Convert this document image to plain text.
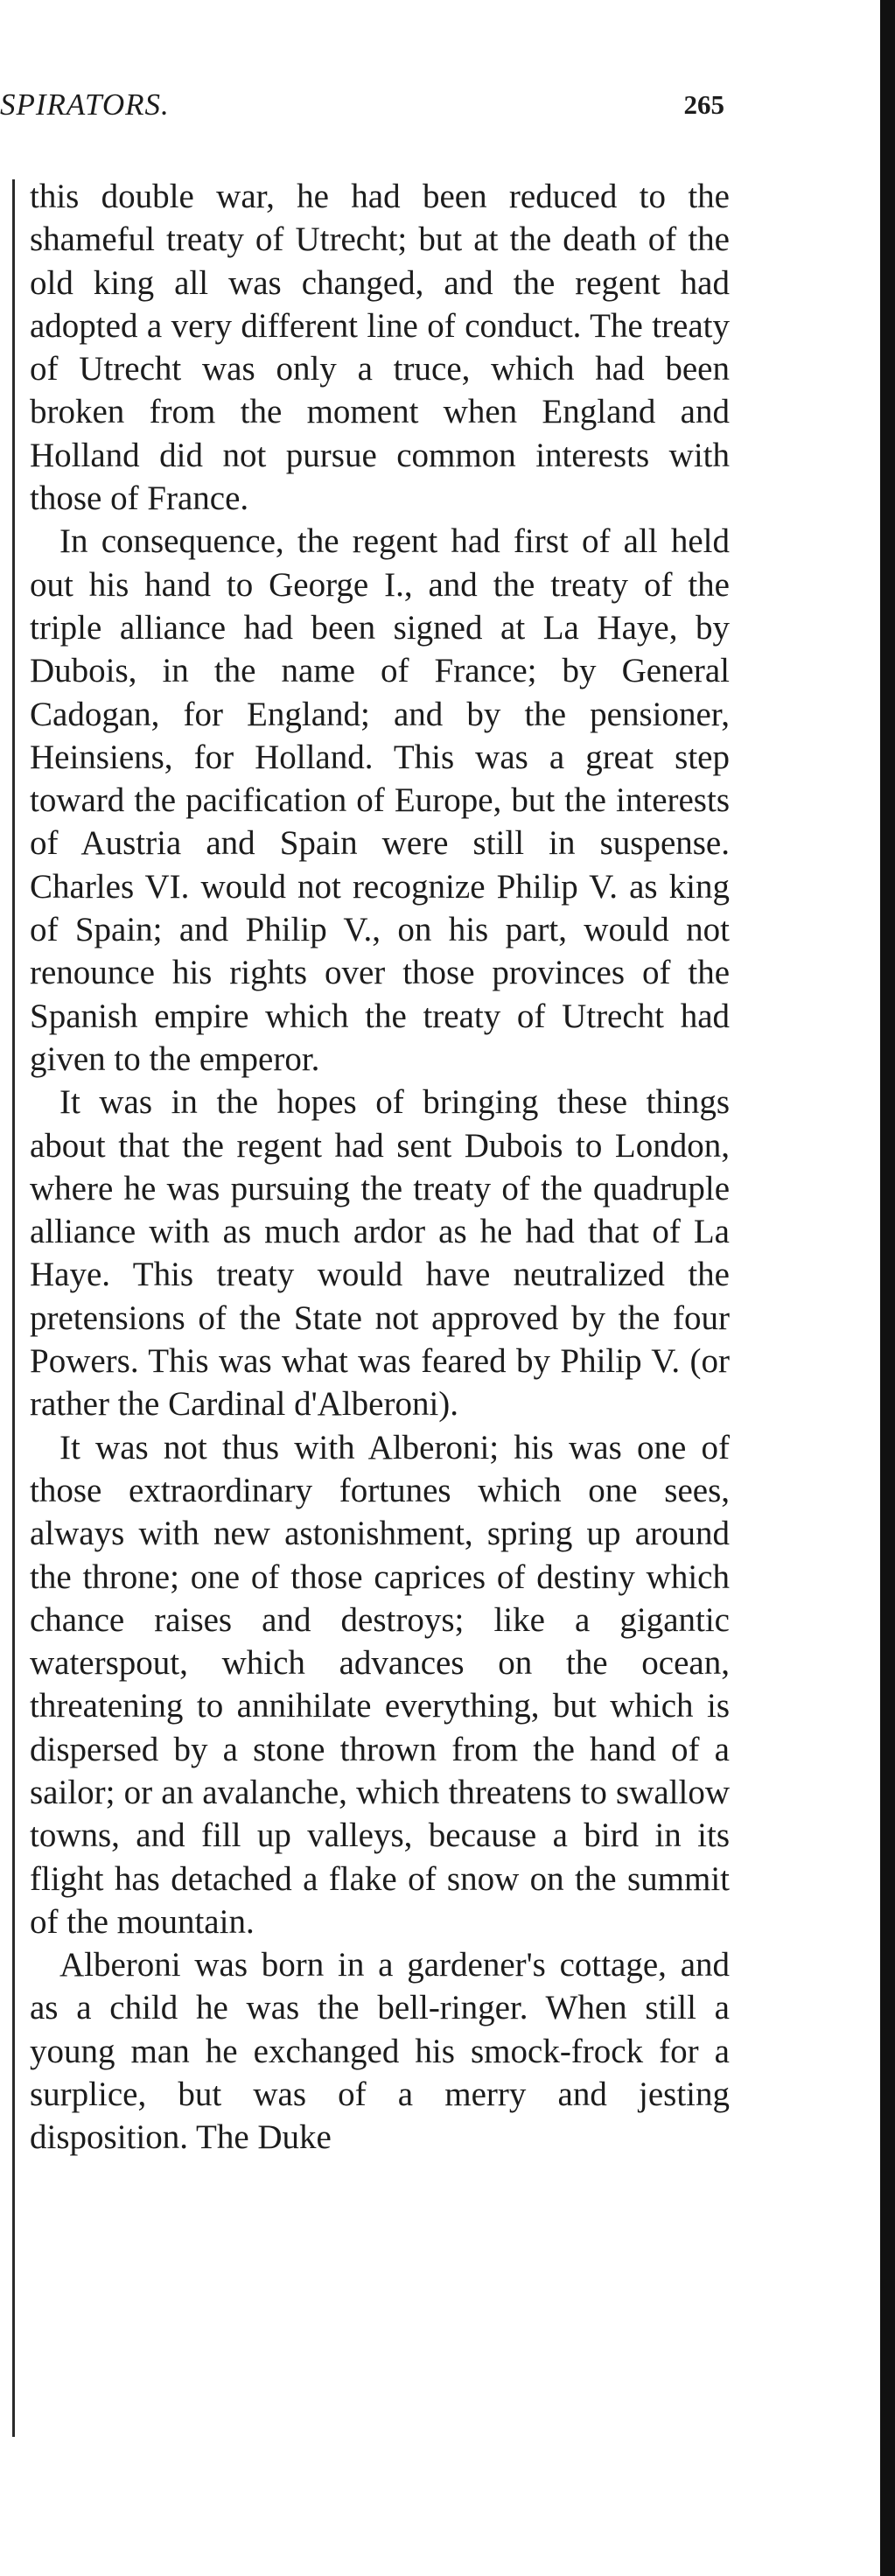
SPIRATORS.	265

this double war, he had been reduced to the shameful treaty of Utrecht; but at the death of the old king all was changed, and the regent had adopted a very different line of conduct. The treaty of Utrecht was only a truce, which had been broken from the moment when England and Holland did not pursue common interests with those of France.

In consequence, the regent had first of all held out his hand to George I., and the treaty of the triple alliance had been signed at La Haye, by Dubois, in the name of France; by General Cadogan, for England; and by the pensioner, Heinsiens, for Holland. This was a great step toward the pacification of Europe, but the interests of Austria and Spain were still in suspense. Charles VI. would not recognize Philip V. as king of Spain; and Philip V., on his part, would not renounce his rights over those provinces of the Spanish empire which the treaty of Utrecht had given to the emperor.

It was in the hopes of bringing these things about that the regent had sent Dubois to London, where he was pursuing the treaty of the quadruple alliance with as much ardor as he had that of La Haye. This treaty would have neutralized the pretensions of the State not approved by the four Powers. This was what was feared by Philip V. (or rather the Cardinal d'Alberoni).

It was not thus with Alberoni; his was one of those extraordinary fortunes which one sees, always with new astonishment, spring up around the throne; one of those caprices of destiny which chance raises and destroys; like a gigantic waterspout, which advances on the ocean, threatening to annihilate everything, but which is dispersed by a stone thrown from the hand of a sailor; or an avalanche, which threatens to swallow towns, and fill up valleys, because a bird in its flight has detached a flake of snow on the summit of the mountain.

Alberoni was born in a gardener's cottage, and as a child he was the bell-ringer. When still a young man he exchanged his smock-frock for a surplice, but was of a merry and jesting disposition. The Duke
